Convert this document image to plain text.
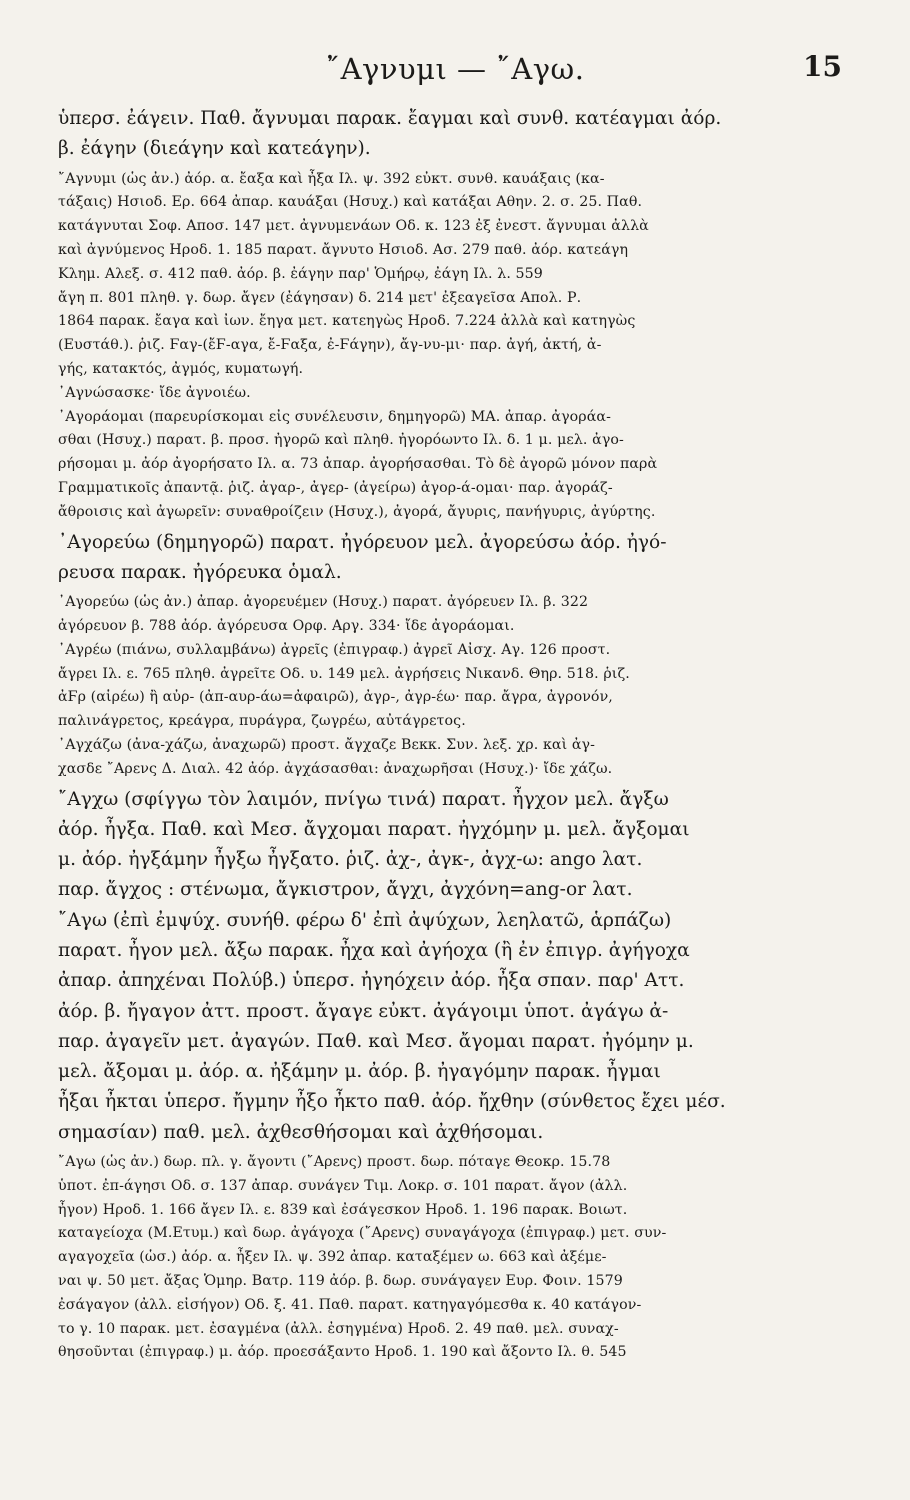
῎Αγνυμι — ῎Αγω.	15
ὑπερσ. ἐάγειν. Παθ. ἄγνυμαι παρακ. ἔαγμαι καὶ συνθ. κατέαγμαι ἀόρ.
β. ἐάγην (διεάγην καὶ κατεάγην).
῎Αγνυμι (ὡς ἀν.) ἀόρ. α. ἔαξα καὶ ἦξα Ιλ. ψ. 392 εὐκτ. συνθ. καυάξαις (κα-
τάξαις) Ησιοδ. Ερ. 664 ἀπαρ. καυάξαι (Ησυχ.) καὶ κατάξαι Αθην. 2. σ. 25. Παθ.
κατάγνυται Σοφ. Αποσ. 147 μετ. ἀγνυμενάων Οδ. κ. 123 ἐξ ἐνεστ. ἄγνυμαι ἀλλὰ
καὶ ἀγνύμενος Ηροδ. 1. 185 παρατ. ἄγνυτο Ησιοδ. Ασ. 279 παθ. ἀόρ. κατεάγη
Κλημ. Αλεξ. σ. 412 παθ. ἀόρ. β. ἐάγην παρ' Ὁμήρῳ, ἐάγη Ιλ. λ. 559
ἄγη π. 801 πληθ. γ. δωρ. ἄγεν (ἐάγησαν) δ. 214 μετ' ἐξεαγεῖσα Απολ. Ρ.
1864 παρακ. ἔαγα καὶ ἰων. ἔηγα μετ. κατεηγὼς Ηροδ. 7.224 ἀλλὰ καὶ κατηγὼς
(Ευστάθ.). ῥιζ. Ϝαγ-(ἔϜ-αγα, ἔ-Ϝαξα, ἐ-Ϝάγην), ἄγ-νυ-μι· παρ. ἀγή, ἀκτή, ἀ-
γής, κατακτός, ἀγμός, κυματωγή.
᾿Αγνώσασκε· ἴδε ἀγνοιέω.
᾿Αγοράομαι (παρευρίσκομαι εἰς συνέλευσιν, δημηγορῶ) ΜΑ. ἀπαρ. ἀγοράα-
σθαι (Ησυχ.) παρατ. β. προσ. ἠγορῶ καὶ πληθ. ἠγορόωντο Ιλ. δ. 1 μ. μελ. ἀγο-
ρήσομαι μ. ἀόρ ἀγορήσατο Ιλ. α. 73 ἀπαρ. ἀγορήσασθαι. Τὸ δὲ ἀγορῶ μόνον παρὰ
Γραμματικοῖς ἀπαντᾷ. ῥιζ. ἀγαρ-, ἀγερ- (ἀγείρω) ἀγορ-ά-ομαι· παρ. ἀγοράζ-
ἄθροισις καὶ ἀγωρεῖν: συναθροίζειν (Ησυχ.), ἀγορά, ἄγυρις, πανήγυρις, ἀγύρτης.
᾿Αγορεύω (δημηγορῶ) παρατ. ἠγόρευον μελ. ἀγορεύσω ἀόρ. ἠγό-
ρευσα παρακ. ἠγόρευκα ὁμαλ.
᾿Αγορεύω (ὡς ἀν.) ἀπαρ. ἀγορευέμεν (Ησυχ.) παρατ. ἀγόρευεν Ιλ. β. 322
ἀγόρευον β. 788 ἀόρ. ἀγόρευσα Ορφ. Αργ. 334· ἴδε ἀγοράομαι.
᾿Αγρέω (πιάνω, συλλαμβάνω) ἀγρεῖς (ἐπιγραφ.) ἀγρεῖ Αἰσχ. Αγ. 126 προστ.
ἄγρει Ιλ. ε. 765 πληθ. ἀγρεῖτε Οδ. υ. 149 μελ. ἀγρήσεις Νικανδ. Θηρ. 518. ῥιζ.
ἀϜρ (αἱρέω) ἢ αὐρ- (ἀπ-αυρ-άω=ἀφαιρῶ), ἀγρ-, ἀγρ-έω· παρ. ἄγρα, ἀγρονόν,
παλινάγρετος, κρεάγρα, πυράγρα, ζωγρέω, αὐτάγρετος.
᾿Αγχάζω (ἀνα-χάζω, ἀναχωρῶ) προστ. ἄγχαζε Βεκκ. Συν. λεξ. χρ. καὶ ἀγ-
χασδε ῎Αρενς Δ. Διαλ. 42 ἀόρ. ἀγχάσασθαι: ἀναχωρῆσαι (Ησυχ.)· ἴδε χάζω.
῎Αγχω (σφίγγω τὸν λαιμόν, πνίγω τινά) παρατ. ἦγχον μελ. ἄγξω
ἀόρ. ἦγξα. Παθ. καὶ Μεσ. ἄγχομαι παρατ. ἠγχόμην μ. μελ. ἄγξομαι
μ. ἀόρ. ἠγξάμην ἦγξω ἦγξατο. ῥιζ. ἀχ-, ἀγκ-, ἀγχ-ω: ango λατ.
παρ. ἄγχος : στένωμα, ἄγκιστρον, ἄγχι, ἀγχόνη=ang-or λατ.
῎Αγω (ἐπὶ ἐμψύχ. συνήθ. φέρω δ' ἐπὶ ἀψύχων, λεηλατῶ, ἁρπάζω)
παρατ. ἦγον μελ. ἄξω παρακ. ἦχα καὶ ἀγήοχα (ἢ ἐν ἐπιγρ. ἀγήγοχα
ἀπαρ. ἀπηχέναι Πολύβ.) ὑπερσ. ἠγηόχειν ἀόρ. ἦξα σπαν. παρ' Αττ.
ἀόρ. β. ἤγαγον ἀττ. προστ. ἄγαγε εὐκτ. ἀγάγοιμι ὑποτ. ἀγάγω ἀ-
παρ. ἀγαγεῖν μετ. ἀγαγών. Παθ. καὶ Μεσ. ἄγομαι παρατ. ἠγόμην μ.
μελ. ἄξομαι μ. ἀόρ. α. ἠξάμην μ. ἀόρ. β. ἠγαγόμην παρακ. ἦγμαι
ἦξαι ἦκται ὑπερσ. ἤγμην ἦξο ἦκτο παθ. ἀόρ. ἤχθην (σύνθετος ἔχει μέσ.
σημασίαν) παθ. μελ. ἀχθεσθήσομαι καὶ ἀχθήσομαι.
῎Αγω (ὡς ἀν.) δωρ. πλ. γ. ἄγοντι (῎Αρενς) προστ. δωρ. πόταγε Θεοκρ. 15.78
ὑποτ. ἐπ-άγησι Οδ. σ. 137 ἀπαρ. συνάγεν Τιμ. Λοκρ. σ. 101 παρατ. ἄγον (ἀλλ.
ἦγον) Ηροδ. 1. 166 ἄγεν Ιλ. ε. 839 καὶ ἐσάγεσκον Ηροδ. 1. 196 παρακ. Βοιωτ.
καταγείοχα (Μ.Ετυμ.) καὶ δωρ. ἀγάγοχα (῎Αρενς) συναγάγοχα (ἐπιγραφ.) μετ. συν-
αγαγοχεῖα (ὡσ.) ἀόρ. α. ἦξεν Ιλ. ψ. 392 ἀπαρ. καταξέμεν ω. 663 καὶ ἀξέμε-
ναι ψ. 50 μετ. ἄξας Ὁμηρ. Βατρ. 119 ἀόρ. β. δωρ. συνάγαγεν Ευρ. Φοιν. 1579
ἐσάγαγον (ἀλλ. εἰσήγον) Οδ. ξ. 41. Παθ. παρατ. κατηγαγόμεσθα κ. 40 κατάγον-
το γ. 10 παρακ. μετ. ἐσαγμένα (ἀλλ. ἐσηγμένα) Ηροδ. 2. 49 παθ. μελ. συναχ-
θησοῦνται (ἐπιγραφ.) μ. ἀόρ. προεσάξαντο Ηροδ. 1. 190 καὶ ἄξοντο Ιλ. θ. 545
